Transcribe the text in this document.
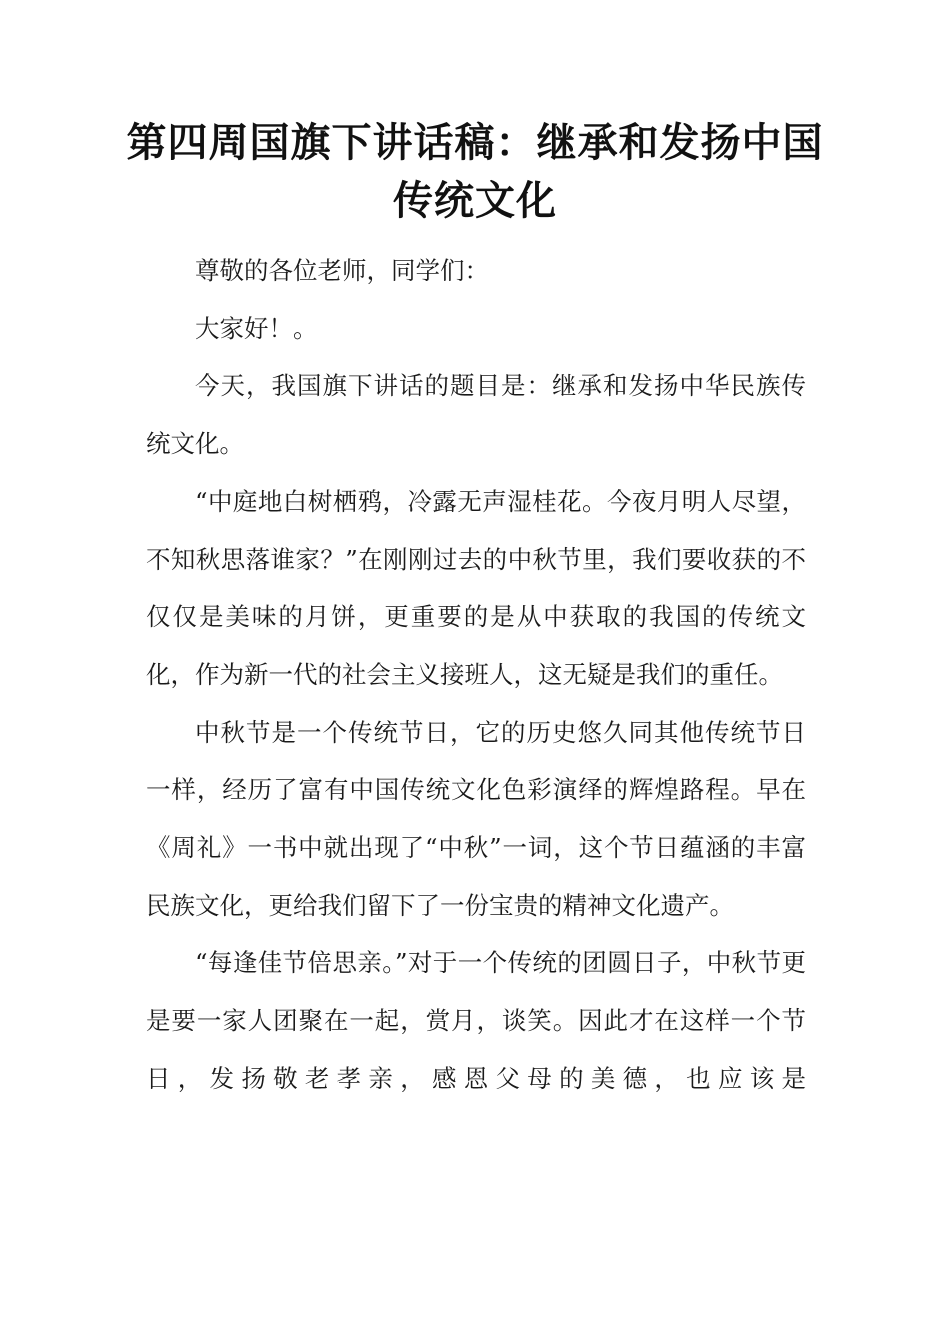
第四周国旗下讲话稿：继承和发扬中国
传统文化

尊敬的各位老师，同学们：

大家好！。

今天，我国旗下讲话的题目是：继承和发扬中华民族传统文化。

“中庭地白树栖鸦，冷露无声湿桂花。今夜月明人尽望，不知秋思落谁家？”在刚刚过去的中秋节里，我们要收获的不仅仅是美味的月饼，更重要的是从中获取的我国的传统文化，作为新一代的社会主义接班人，这无疑是我们的重任。

中秋节是一个传统节日，它的历史悠久同其他传统节日一样，经历了富有中国传统文化色彩演绎的辉煌路程。早在《周礼》一书中就出现了“中秋”一词，这个节日蕴涵的丰富民族文化，更给我们留下了一份宝贵的精神文化遗产。

“每逢佳节倍思亲。”对于一个传统的团圆日子，中秋节更是要一家人团聚在一起，赏月，谈笑。因此才在这样一个节日，发扬敬老孝亲，感恩父母的美德，也应该是
